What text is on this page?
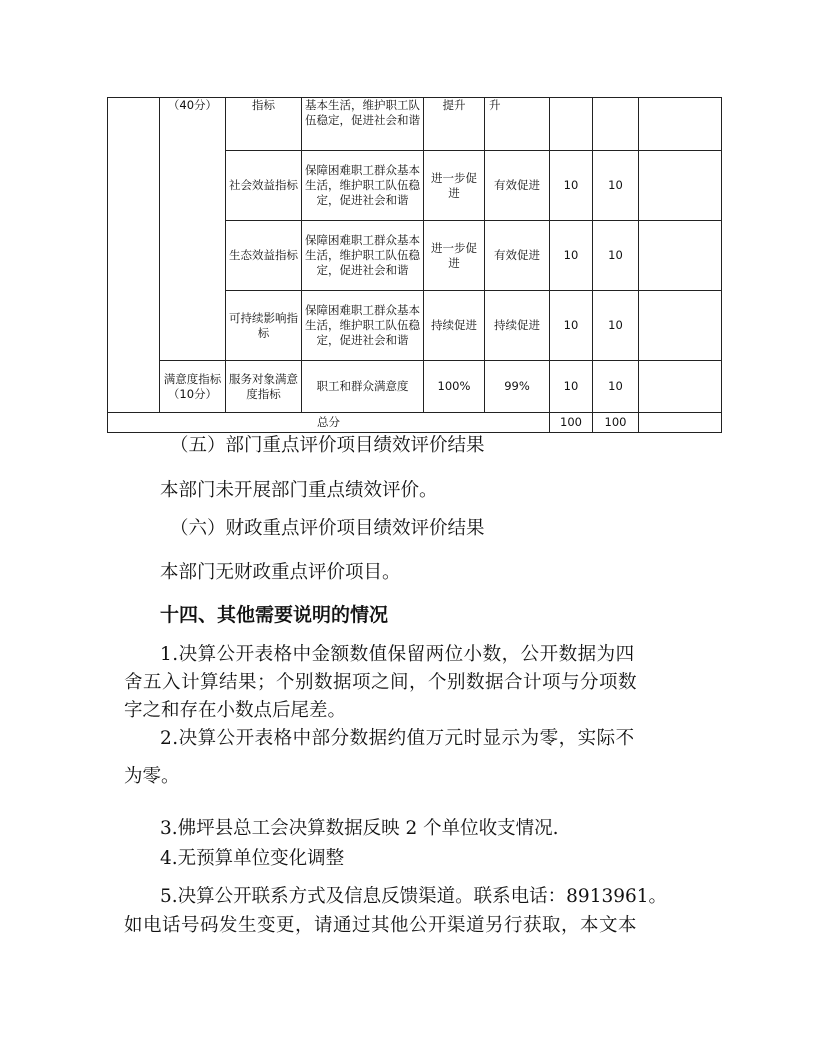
	（40分）	指标	基本生活，维护职工队伍稳定，促进社会和谐	提升	升			
		社会效益指标	保障困难职工群众基本生活，维护职工队伍稳定，促进社会和谐	进一步促进	有效促进	10	10	
		生态效益指标	保障困难职工群众基本生活，维护职工队伍稳定，促进社会和谐	进一步促进	有效促进	10	10	
		可持续影响指标	保障困难职工群众基本生活，维护职工队伍稳定，促进社会和谐	持续促进	持续促进	10	10	
	满意度指标（10分）	服务对象满意度指标	职工和群众满意度	100%	99%	10	10	
总分						100	100	
（五）部门重点评价项目绩效评价结果
本部门未开展部门重点绩效评价。
（六）财政重点评价项目绩效评价结果
本部门无财政重点评价项目。
十四、其他需要说明的情况
1.决算公开表格中金额数值保留两位小数，公开数据为四
舍五入计算结果；个别数据项之间，个别数据合计项与分项数
字之和存在小数点后尾差。
2.决算公开表格中部分数据约值万元时显示为零，实际不
为零。
3.佛坪县总工会决算数据反映 2 个单位收支情况.
4.无预算单位变化调整
5.决算公开联系方式及信息反馈渠道。联系电话：8913961。
如电话号码发生变更，请通过其他公开渠道另行获取，本文本
